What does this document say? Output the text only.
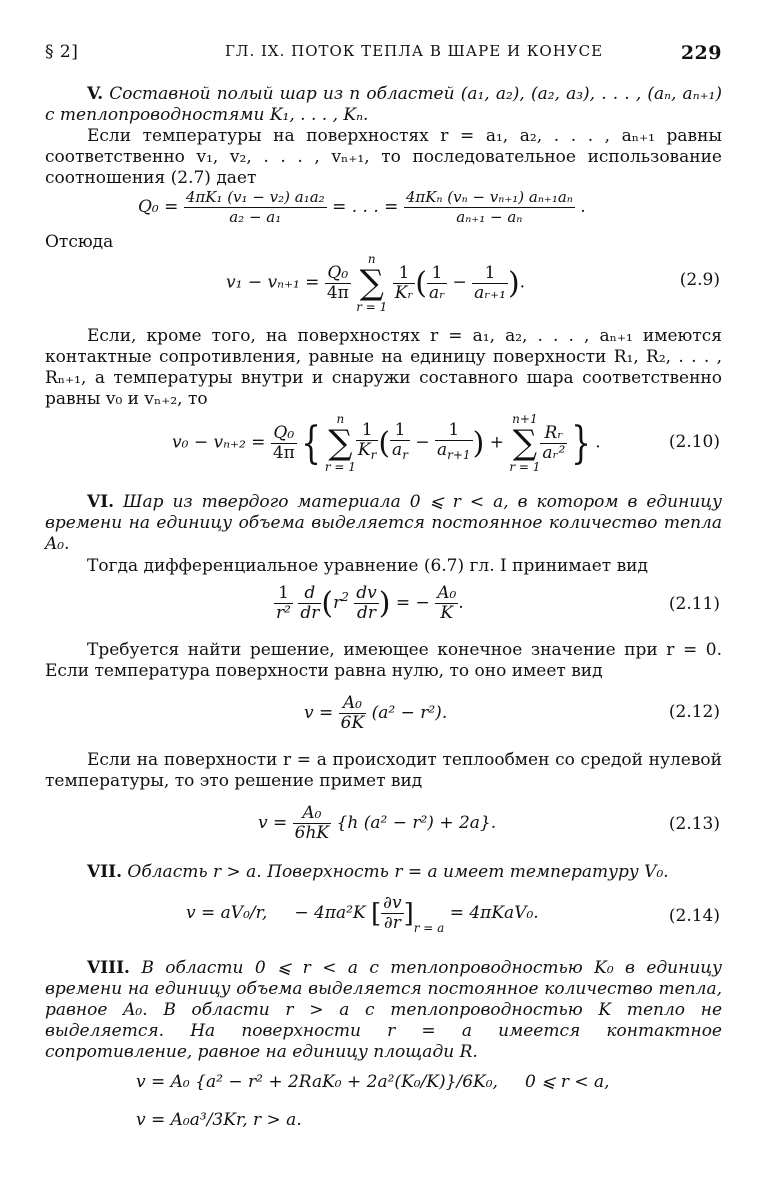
§ 2]	ГЛ. IX. ПОТОК ТЕПЛА В ШАРЕ И КОНУСЕ	229
V. Составной полый шар из n областей (a₁, a₂), (a₂, a₃), . . . , (aₙ, aₙ₊₁) с теплопроводностями K₁, . . . , Kₙ.
Если температуры на поверхностях r = a₁, a₂, . . . , aₙ₊₁ равны соответственно v₁, v₂, . . . , vₙ₊₁, то последовательное использование соотношения (2.7) дает
$Q_0 = \frac{\text{4πK₁ (v₁ − v₂) a₁a₂}}{\text{a₂ − a₁}}$ = . . . = $\frac{\text{4πKₙ (vₙ − vₙ₊₁) aₙ₊₁aₙ}}{\text{aₙ₊₁ − aₙ}}$ .
Отсюда
$v_1 - v_{n+1} = \frac{\text{Q₀}}{4\pi}$

n
∑
r = 1

$\frac{1}{\text{Kᵣ}}$ ( $\frac{1}{\text{aᵣ}} - \frac{1}{\text{aᵣ₊₁}}$ ).	(2.9)
Если, кроме того, на поверхностях r = a₁, a₂, . . . , aₙ₊₁ имеются контактные сопротивления, равные на единицу поверхности R₁, R₂, . . . , Rₙ₊₁, а температуры внутри и снаружи составного шара соответственно равны v₀ и vₙ₊₂, то
$v_0 - v_{n+2} = \frac{\text{Q₀}}{4\pi}$ {	n
∑
r = 1
$\frac{1}{K_r}$ ( $\frac{1}{a_r} - \frac{1}{a_{r+1}}$ ) +
n+1
∑
r = 1
$\frac{\text{Rᵣ}}{\text{aᵣ²}}$ } .	(2.10)
VI. Шар из твердого материала 0 ⩽ r < a, в котором в единицу времени на единицу объема выделяется постоянное количество тепла A₀.
Тогда дифференциальное уравнение (6.7) гл. I принимает вид
$\frac{1}{\text{r²}}$
$\frac{d}{dr} (r^2 \frac{dv}{dr}$ ) = − $\frac{\text{A₀}}{K}$ .	(2.11)
Требуется найти решение, имеющее конечное значение при r = 0. Если температура поверхности равна нулю, то оно имеет вид
$v = \frac{\text{A₀}}{6K} (a^2 - r^2)$.	(2.12)
Если на поверхности r = a происходит теплообмен со средой нулевой температуры, то это решение примет вид
$v = \frac{\text{A₀}}{6hK} \{h$ (a² − r²) + 2a}.	(2.13)
VII. Область r > a. Поверхность r = a имеет температуру V₀.
v = aV₀/r, − 4πa²K [ $\frac{\partial v}{\partial r} ]_{r = a} = 4\pi KaV_0$.	(2.14)
VIII. В области 0 ⩽ r < a с теплопроводностью K₀ в единицу времени на единицу объема выделяется постоянное количество тепла, равное A₀. В области r > a с теплопроводностью K тепло не выделяется. На поверхности r = a имеется контактное сопротивление, равное на единицу площади R.
v = A₀ {a² − r² + 2RaK₀ + 2a²(K₀/K)}/6K₀, 0 ⩽ r < a,
v = A₀a³/3Kr, r > a.
